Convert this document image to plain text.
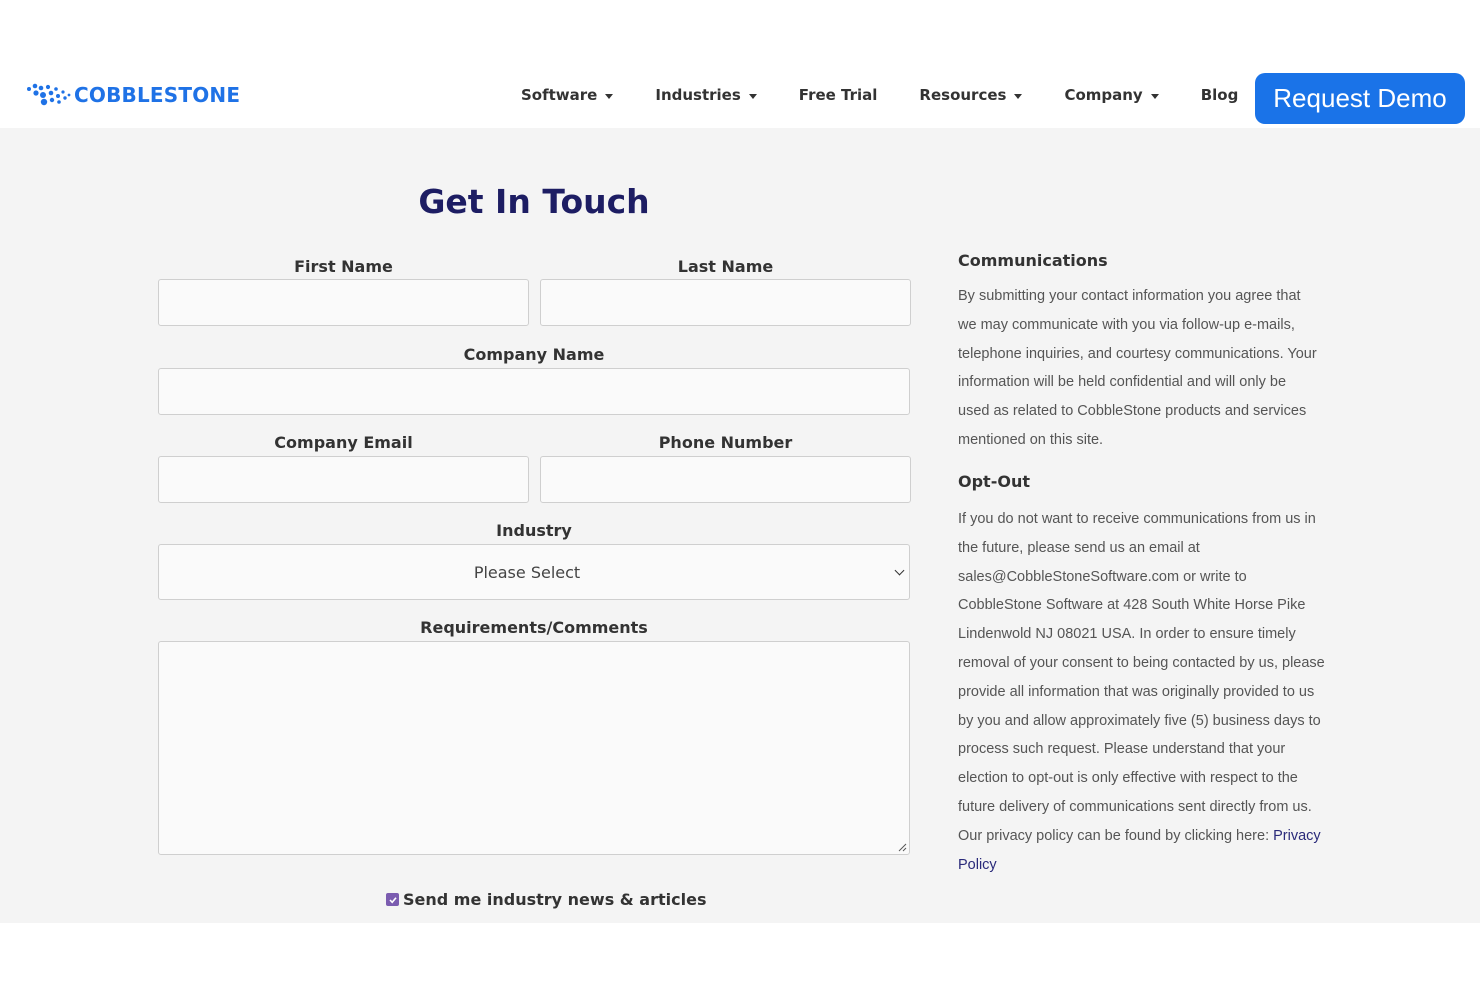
COBBLESTONE	Software	Industries	Free Trial	Resources	Company	Blog	Request Demo
Get In Touch
First Name	Last Name
Company Name
Company Email	Phone Number
Industry
Please Select
Requirements/Comments
Send me industry news & articles
Communications
By submitting your contact information you agree that
we may communicate with you via follow-up e-mails,
telephone inquiries, and courtesy communications. Your
information will be held confidential and will only be
used as related to CobbleStone products and services
mentioned on this site.
Opt-Out
If you do not want to receive communications from us in
the future, please send us an email at
sales@CobbleStoneSoftware.com or write to
CobbleStone Software at 428 South White Horse Pike
Lindenwold NJ 08021 USA. In order to ensure timely
removal of your consent to being contacted by us, please
provide all information that was originally provided to us
by you and allow approximately five (5) business days to
process such request. Please understand that your
election to opt-out is only effective with respect to the
future delivery of communications sent directly from us.
Our privacy policy can be found by clicking here: Privacy
Policy
